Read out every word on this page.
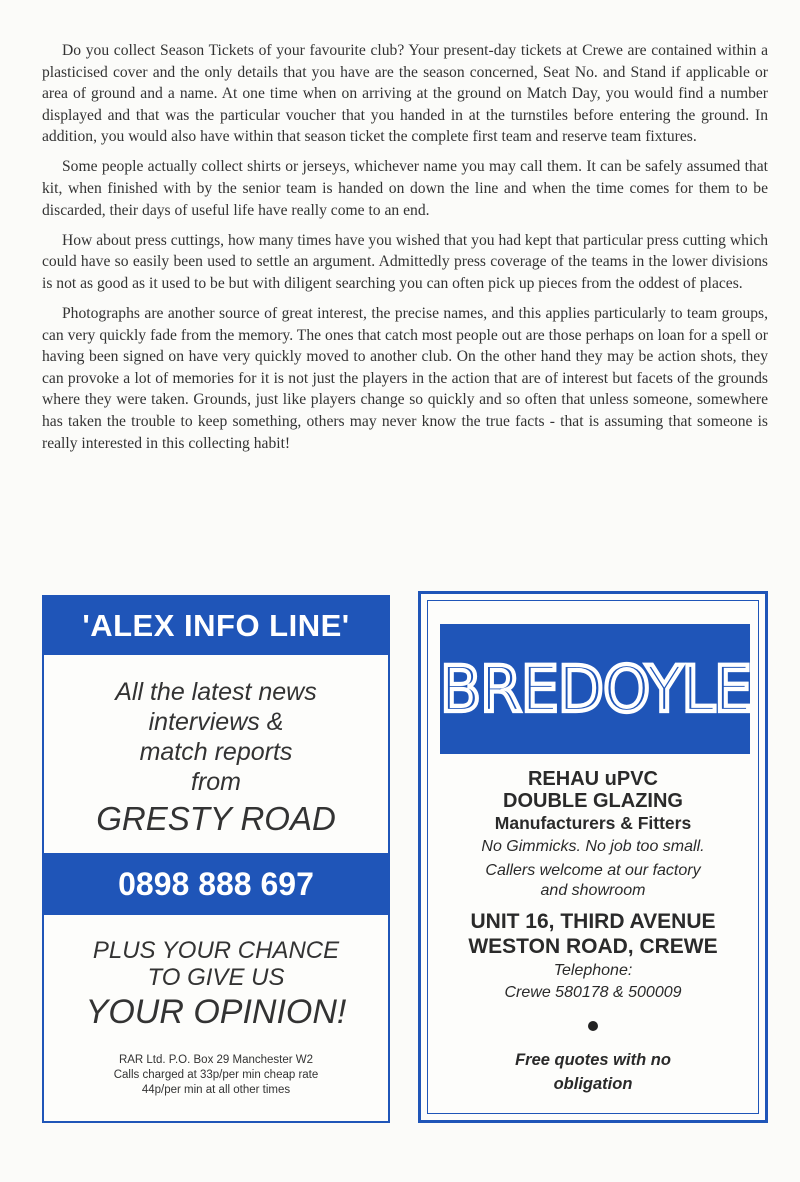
Do you collect Season Tickets of your favourite club? Your present-day tickets at Crewe are contained within a plasticised cover and the only details that you have are the season concerned, Seat No. and Stand if applicable or area of ground and a name. At one time when on arriving at the ground on Match Day, you would find a number displayed and that was the particular voucher that you handed in at the turnstiles before entering the ground. In addition, you would also have within that season ticket the complete first team and reserve team fixtures.

Some people actually collect shirts or jerseys, whichever name you may call them. It can be safely assumed that kit, when finished with by the senior team is handed on down the line and when the time comes for them to be discarded, their days of useful life have really come to an end.

How about press cuttings, how many times have you wished that you had kept that particular press cutting which could have so easily been used to settle an argument. Admittedly press coverage of the teams in the lower divisions is not as good as it used to be but with diligent searching you can often pick up pieces from the oddest of places.

Photographs are another source of great interest, the precise names, and this applies particularly to team groups, can very quickly fade from the memory. The ones that catch most people out are those perhaps on loan for a spell or having been signed on have very quickly moved to another club. On the other hand they may be action shots, they can provoke a lot of memories for it is not just the players in the action that are of interest but facets of the grounds where they were taken. Grounds, just like players change so quickly and so often that unless someone, somewhere has taken the trouble to keep something, others may never know the true facts - that is assuming that someone is really interested in this collecting habit!

'ALEX INFO LINE'
All the latest news
interviews &
match reports
from
GRESTY ROAD
0898 888 697
PLUS YOUR CHANCE
TO GIVE US
YOUR OPINION!
RAR Ltd. P.O. Box 29 Manchester W2
Calls charged at 33p/per min cheap rate
44p/per min at all other times
BREDOYLE
REHAU uPVC
DOUBLE GLAZING
Manufacturers & Fitters
No Gimmicks. No job too small.
Callers welcome at our factory
and showroom
UNIT 16, THIRD AVENUE
WESTON ROAD, CREWE
Telephone:
Crewe 580178 & 500009
Free quotes with no
obligation
